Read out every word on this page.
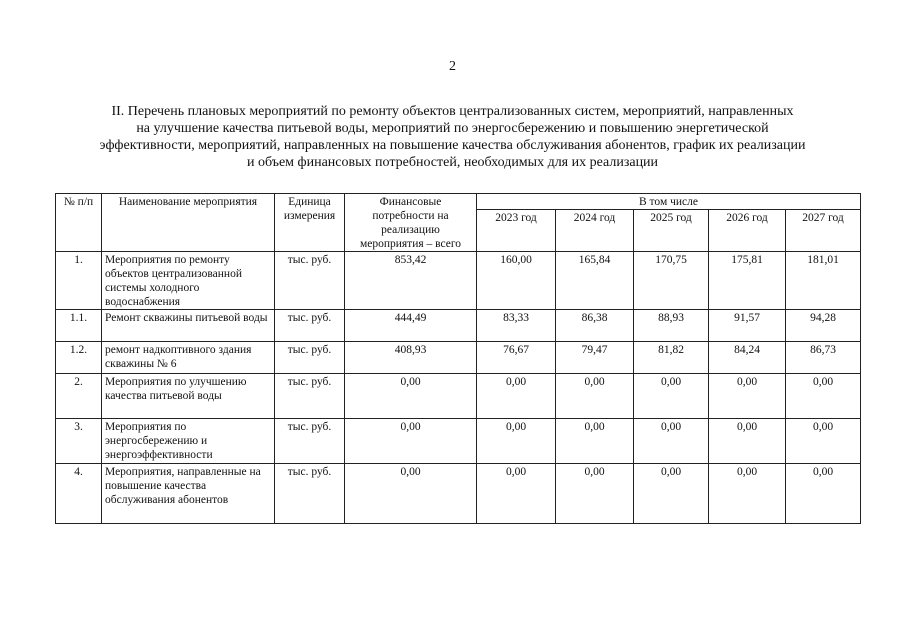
2
II. Перечень плановых мероприятий по ремонту объектов централизованных систем, мероприятий, направленных
на улучшение качества питьевой воды, мероприятий по энергосбережению и повышению энергетической
эффективности, мероприятий, направленных на повышение качества обслуживания абонентов, график их реализации
и объем финансовых потребностей, необходимых для их реализации
№ п/п	Наименование мероприятия	Единица измерения	Финансовые потребности на реализацию мероприятия – всего	В том числе				
				2023 год	2024 год	2025 год	2026 год	2027 год
1.	Мероприятия по ремонту объектов централизованной системы холодного водоснабжения	тыс. руб.	853,42	160,00	165,84	170,75	175,81	181,01
1.1.	Ремонт скважины питьевой воды	тыс. руб.	444,49	83,33	86,38	88,93	91,57	94,28
1.2.	ремонт надкоптивного здания скважины № 6	тыс. руб.	408,93	76,67	79,47	81,82	84,24	86,73
2.	Мероприятия по улучшению качества питьевой воды	тыс. руб.	0,00	0,00	0,00	0,00	0,00	0,00
3.	Мероприятия по энергосбережению и энергоэффективности	тыс. руб.	0,00	0,00	0,00	0,00	0,00	0,00
4.	Мероприятия, направленные на повышение качества обслуживания абонентов	тыс. руб.	0,00	0,00	0,00	0,00	0,00	0,00
